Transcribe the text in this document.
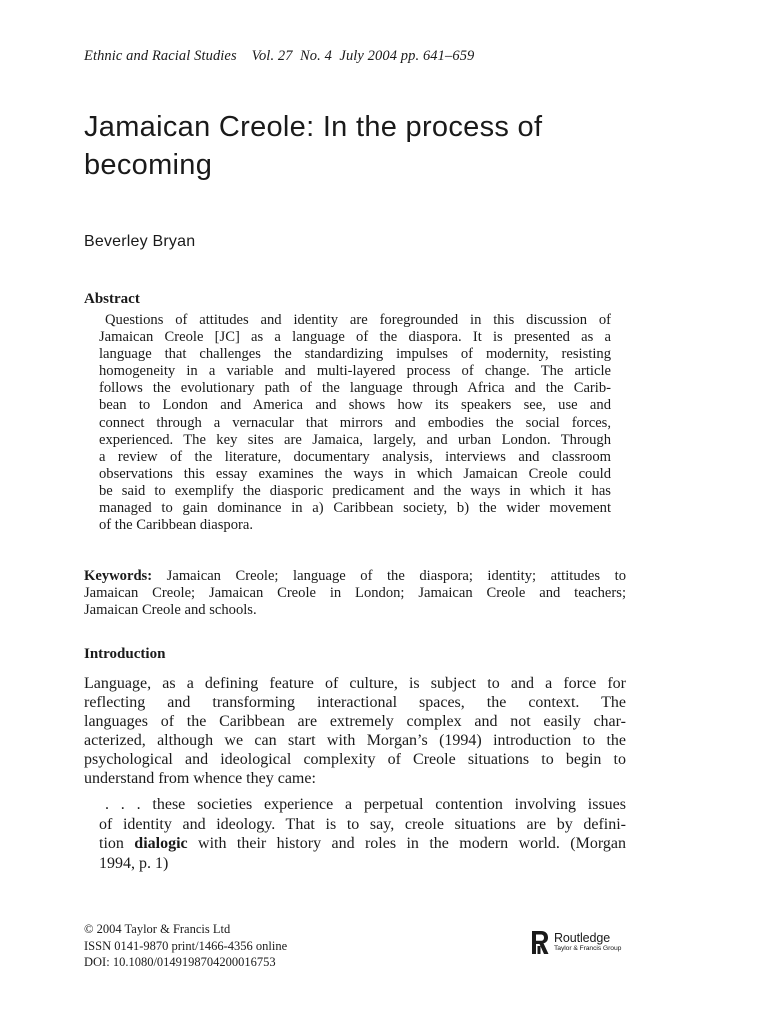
Ethnic and Racial Studies    Vol. 27  No. 4  July 2004 pp. 641–659
Jamaican Creole: In the process of
becoming
Beverley Bryan
Abstract
Questions of attitudes and identity are foregrounded in this discussion of
Jamaican Creole [JC] as a language of the diaspora. It is presented as a
language that challenges the standardizing impulses of modernity, resisting
homogeneity in a variable and multi-layered process of change. The article
follows the evolutionary path of the language through Africa and the Carib-
bean to London and America and shows how its speakers see, use and
connect through a vernacular that mirrors and embodies the social forces,
experienced. The key sites are Jamaica, largely, and urban London. Through
a review of the literature, documentary analysis, interviews and classroom
observations this essay examines the ways in which Jamaican Creole could
be said to exemplify the diasporic predicament and the ways in which it has
managed to gain dominance in a) Caribbean society, b) the wider movement
of the Caribbean diaspora.
Keywords: Jamaican Creole; language of the diaspora; identity; attitudes to
Jamaican Creole; Jamaican Creole in London; Jamaican Creole and teachers;
Jamaican Creole and schools.
Introduction
Language, as a defining feature of culture, is subject to and a force for
reflecting and transforming interactional spaces, the context. The
languages of the Caribbean are extremely complex and not easily char-
acterized, although we can start with Morgan’s (1994) introduction to the
psychological and ideological complexity of Creole situations to begin to
understand from whence they came:
. . . these societies experience a perpetual contention involving issues
of identity and ideology. That is to say, creole situations are by defini-
tion dialogic with their history and roles in the modern world. (Morgan
1994, p. 1)
© 2004 Taylor & Francis Ltd
ISSN 0141-9870 print/1466-4356 online
DOI: 10.1080/0149198704200016753
Routledge
Taylor & Francis Group
